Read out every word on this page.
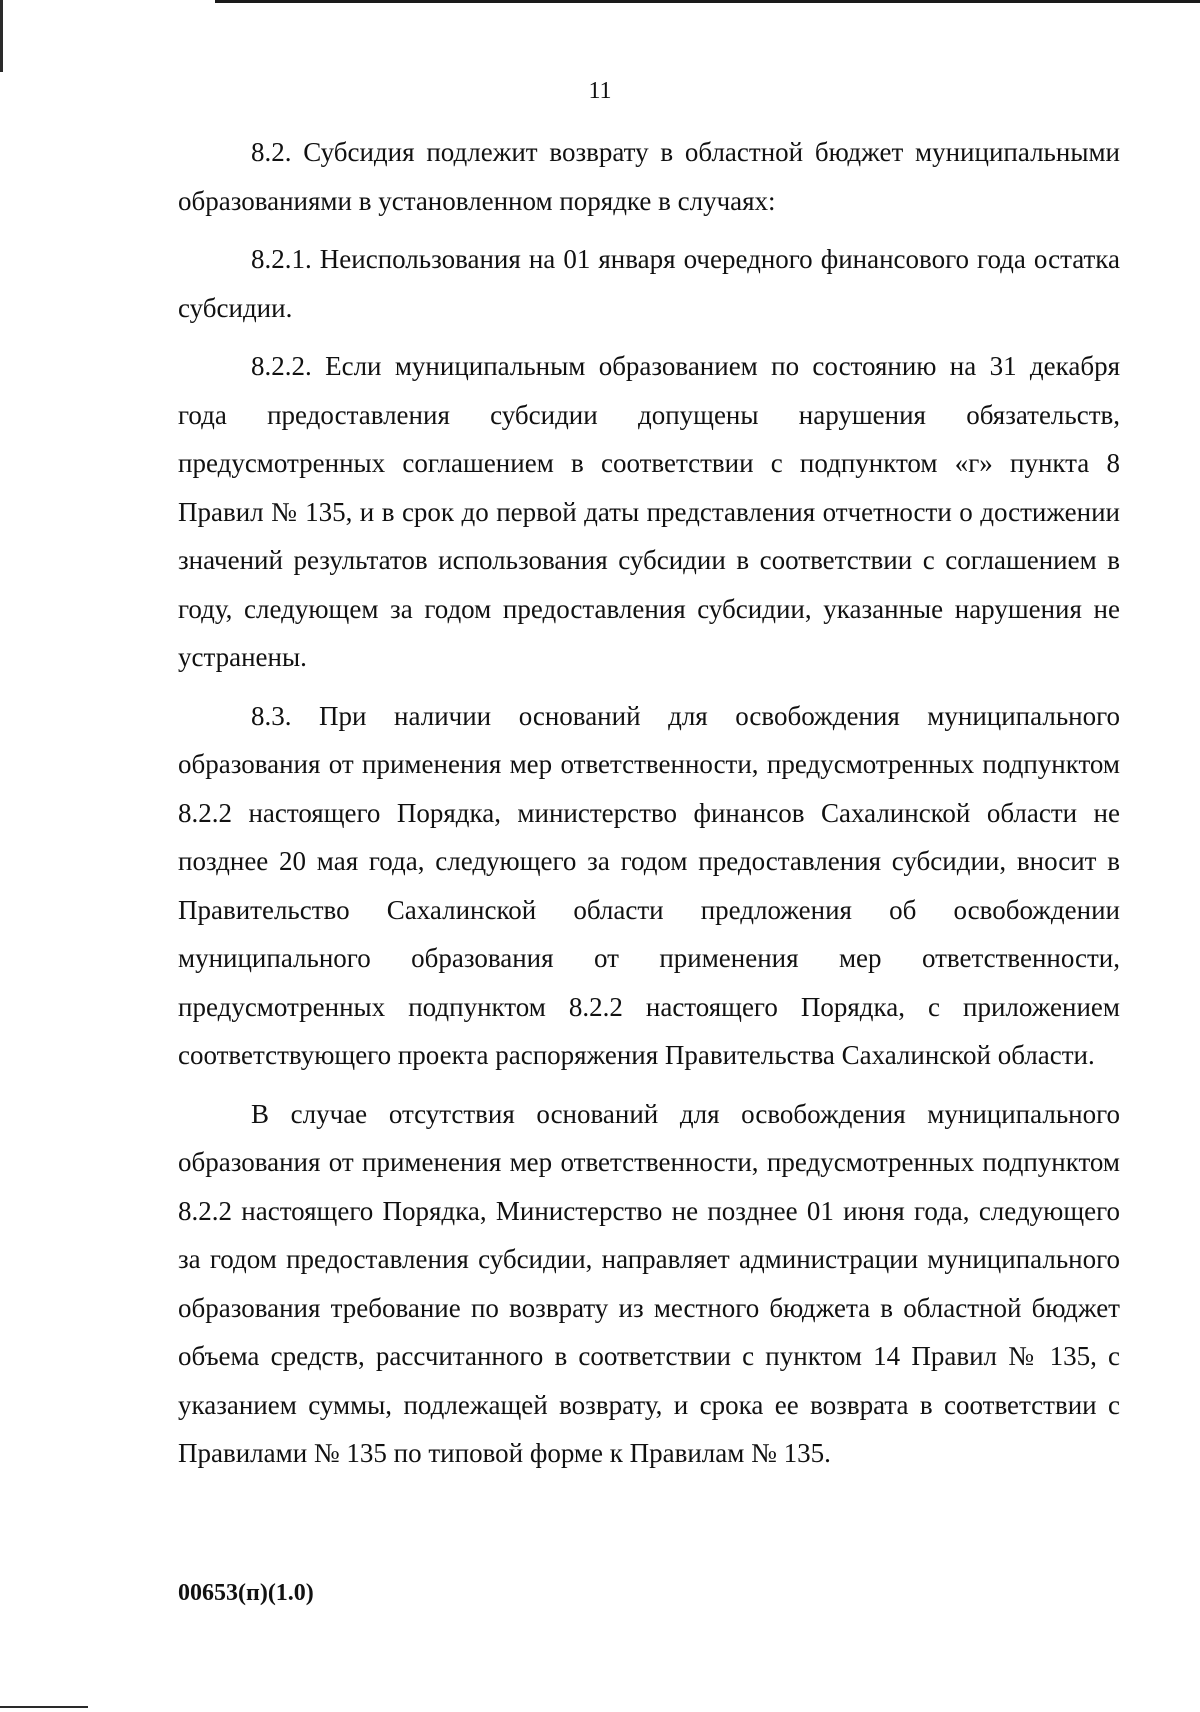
11

8.2. Субсидия подлежит возврату в областной бюджет муниципальными образованиями в установленном порядке в случаях:

8.2.1. Неиспользования на 01 января очередного финансового года остатка субсидии.

8.2.2. Если муниципальным образованием по состоянию на 31 декабря года предоставления субсидии допущены нарушения обязательств, предусмотренных соглашением в соответствии с подпунктом «г» пункта 8 Правил № 135, и в срок до первой даты представления отчетности о достижении значений результатов использования субсидии в соответствии с соглашением в году, следующем за годом предоставления субсидии, указанные нарушения не устранены.

8.3. При наличии оснований для освобождения муниципального образования от применения мер ответственности, предусмотренных подпунктом 8.2.2 настоящего Порядка, министерство финансов Сахалинской области не позднее 20 мая года, следующего за годом предоставления субсидии, вносит в Правительство Сахалинской области предложения об освобождении муниципального образования от применения мер ответственности, предусмотренных подпунктом 8.2.2 настоящего Порядка, с приложением соответствующего проекта распоряжения Правительства Сахалинской области.

В случае отсутствия оснований для освобождения муниципального образования от применения мер ответственности, предусмотренных подпунктом 8.2.2 настоящего Порядка, Министерство не позднее 01 июня года, следующего за годом предоставления субсидии, направляет администрации муниципального образования требование по возврату из местного бюджета в областной бюджет объема средств, рассчитанного в соответствии с пунктом 14 Правил № 135, с указанием суммы, подлежащей возврату, и срока ее возврата в соответствии с Правилами № 135 по типовой форме к Правилам № 135.

00653(п)(1.0)
